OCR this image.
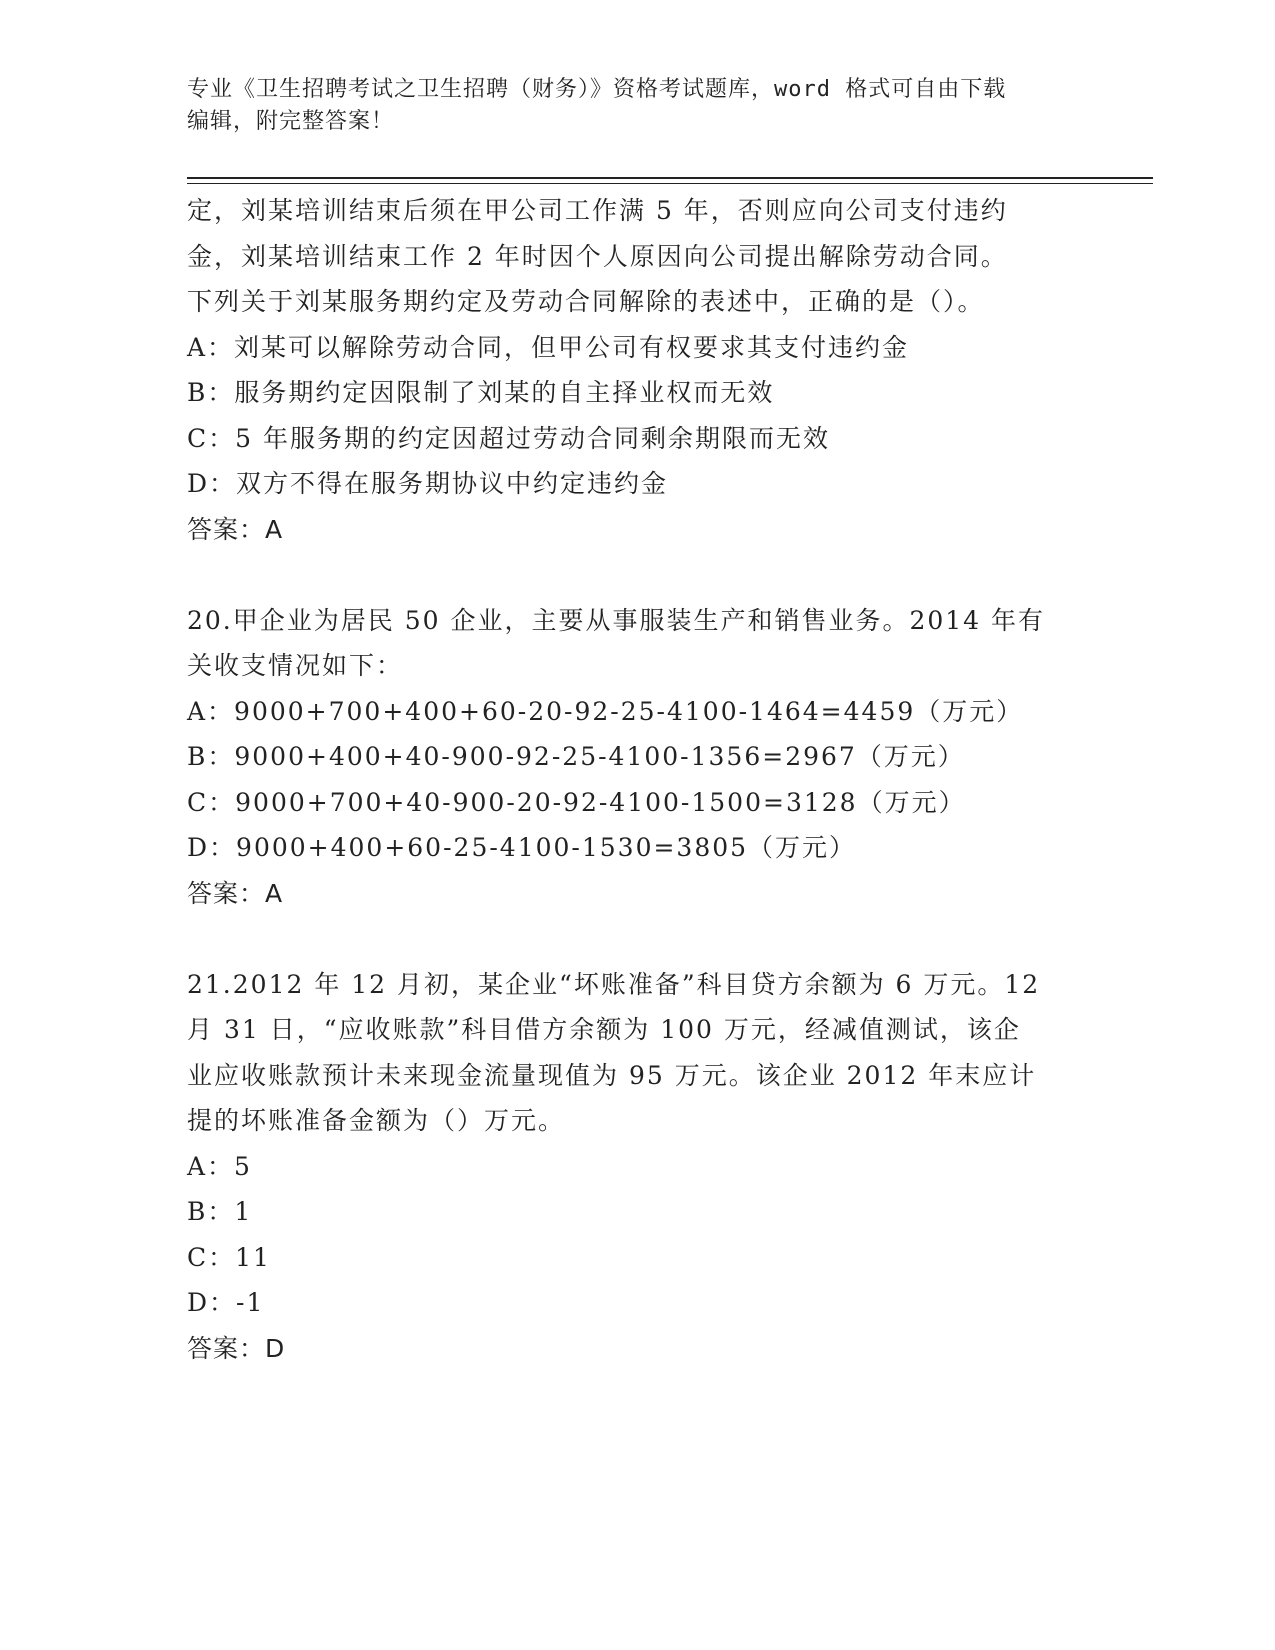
专业《卫生招聘考试之卫生招聘（财务）》资格考试题库，word 格式可自由下载
编辑，附完整答案！
定，刘某培训结束后须在甲公司工作满 5 年，否则应向公司支付违约
金，刘某培训结束工作 2 年时因个人原因向公司提出解除劳动合同。
下列关于刘某服务期约定及劳动合同解除的表述中，正确的是（）。
A：刘某可以解除劳动合同，但甲公司有权要求其支付违约金
B：服务期约定因限制了刘某的自主择业权而无效
C：5 年服务期的约定因超过劳动合同剩余期限而无效
D：双方不得在服务期协议中约定违约金
答案：A
20.甲企业为居民 50 企业，主要从事服装生产和销售业务。2014 年有
关收支情况如下：
A：9000+700+400+60-20-92-25-4100-1464=4459（万元）
B：9000+400+40-900-92-25-4100-1356=2967（万元）
C：9000+700+40-900-20-92-4100-1500=3128（万元）
D：9000+400+60-25-4100-1530=3805（万元）
答案：A
21.2012 年 12 月初，某企业“坏账准备”科目贷方余额为 6 万元。12
月 31 日，“应收账款”科目借方余额为 100 万元，经减值测试，该企
业应收账款预计未来现金流量现值为 95 万元。该企业 2012 年末应计
提的坏账准备金额为（）万元。
A：5
B：1
C：11
D：-1
答案：D
